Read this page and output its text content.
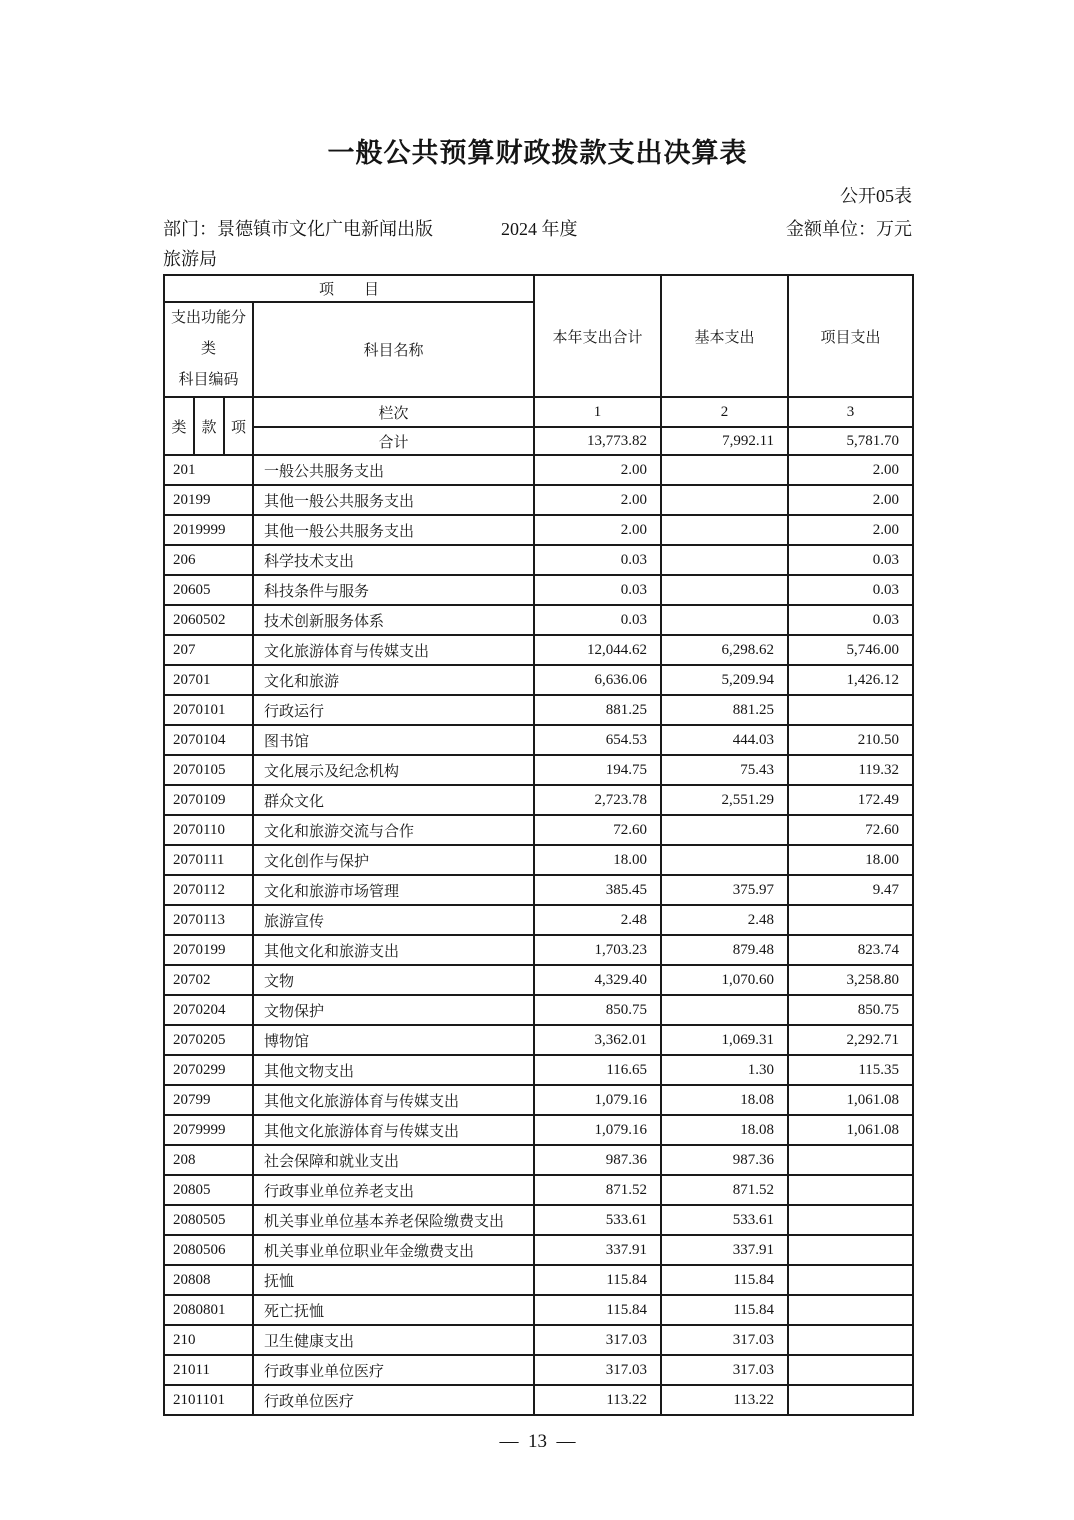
一般公共预算财政拨款支出决算表
公开05表
部门：景德镇市文化广电新闻出版
旅游局
2024 年度	金额单位：万元
项　　目				本年支出合计	基本支出	项目支出

支出功能分类
科目编码			科目名称			
类	款	项	栏次	1	2	3
			合计	13,773.82	7,992.11	5,781.70
201			一般公共服务支出	2.00		2.00
20199			其他一般公共服务支出	2.00		2.00
2019999			其他一般公共服务支出	2.00		2.00
206			科学技术支出	0.03		0.03
20605			科技条件与服务	0.03		0.03
2060502			技术创新服务体系	0.03		0.03
207			文化旅游体育与传媒支出	12,044.62	6,298.62	5,746.00
20701			文化和旅游	6,636.06	5,209.94	1,426.12
2070101			行政运行	881.25	881.25	
2070104			图书馆	654.53	444.03	210.50
2070105			文化展示及纪念机构	194.75	75.43	119.32
2070109			群众文化	2,723.78	2,551.29	172.49
2070110			文化和旅游交流与合作	72.60		72.60
2070111			文化创作与保护	18.00		18.00
2070112			文化和旅游市场管理	385.45	375.97	9.47
2070113			旅游宣传	2.48	2.48	
2070199			其他文化和旅游支出	1,703.23	879.48	823.74
20702			文物	4,329.40	1,070.60	3,258.80
2070204			文物保护	850.75		850.75
2070205			博物馆	3,362.01	1,069.31	2,292.71
2070299			其他文物支出	116.65	1.30	115.35
20799			其他文化旅游体育与传媒支出	1,079.16	18.08	1,061.08
2079999			其他文化旅游体育与传媒支出	1,079.16	18.08	1,061.08
208			社会保障和就业支出	987.36	987.36	
20805			行政事业单位养老支出	871.52	871.52	
2080505			机关事业单位基本养老保险缴费支出	533.61	533.61	
2080506			机关事业单位职业年金缴费支出	337.91	337.91	
20808			抚恤	115.84	115.84	
2080801			死亡抚恤	115.84	115.84	
210			卫生健康支出	317.03	317.03	
21011			行政事业单位医疗	317.03	317.03	
2101101			行政单位医疗	113.22	113.22	
—  13  —
